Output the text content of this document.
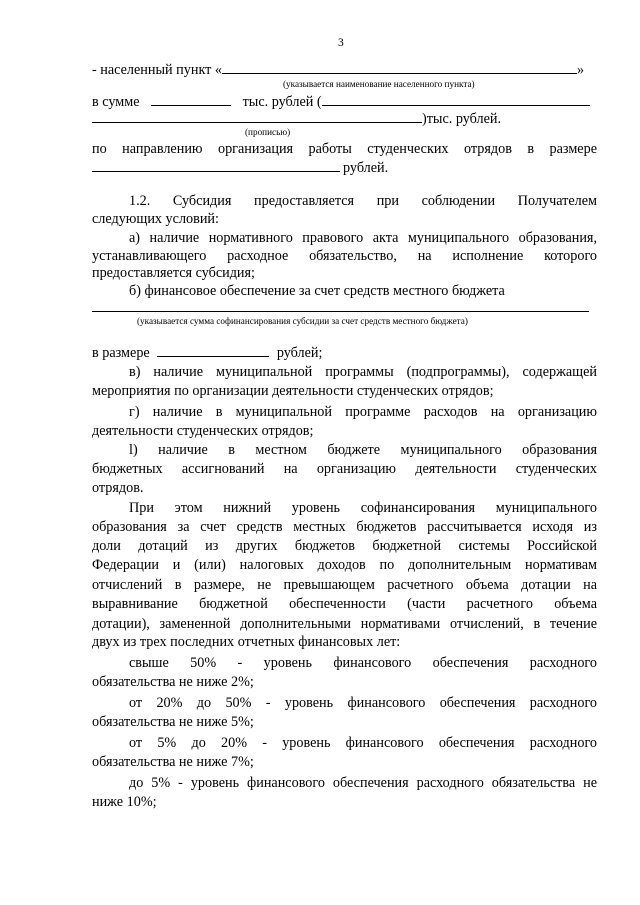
3
- населенный пункт «	»
(указывается наименование населенного пункта)
в сумме	тыс. рублей (
)тыс. рублей.
(прописью)
по направлению организация работы студенческих отрядов в размере
рублей.
1.2. Субсидия предоставляется при соблюдении Получателем
следующих условий:
а) наличие нормативного правового акта муниципального образования,
устанавливающего расходное обязательство, на исполнение которого
предоставляется субсидия;
б) финансовое обеспечение за счет средств местного бюджета
(указывается сумма софинансирования субсидии за счет средств местного бюджета)
в размере	рублей;
в) наличие муниципальной программы (подпрограммы), содержащей
мероприятия по организации деятельности студенческих отрядов;
г) наличие в муниципальной программе расходов на организацию
деятельности студенческих отрядов;
l) наличие в местном бюджете муниципального образования
бюджетных ассигнований на организацию деятельности студенческих
отрядов.
При этом нижний уровень софинансирования муниципального
образования за счет средств местных бюджетов рассчитывается исходя из
доли дотаций из других бюджетов бюджетной системы Российской
Федерации и (или) налоговых доходов по дополнительным нормативам
отчислений в размере, не превышающем расчетного объема дотации на
выравнивание бюджетной обеспеченности (части расчетного объема
дотации), замененной дополнительными нормативами отчислений, в течение
двух из трех последних отчетных финансовых лет:
свыше 50% - уровень финансового обеспечения расходного
обязательства не ниже 2%;
от 20% до 50% - уровень финансового обеспечения расходного
обязательства не ниже 5%;
от 5% до 20% - уровень финансового обеспечения расходного
обязательства не ниже 7%;
до 5% - уровень финансового обеспечения расходного обязательства не
ниже 10%;
